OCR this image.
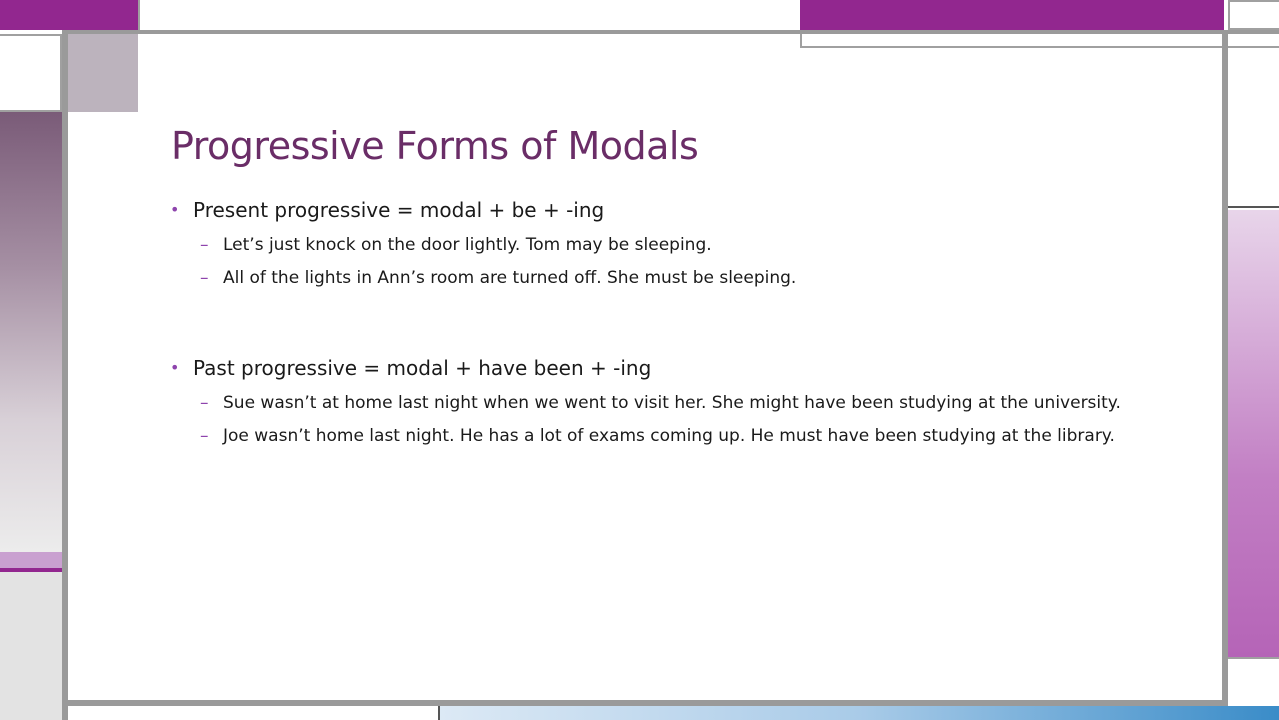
Progressive Forms of Modals
• Present progressive = modal + be + -ing
– Let’s just knock on the door lightly. Tom may be sleeping.
– All of the lights in Ann’s room are turned off. She must be sleeping.
• Past progressive = modal + have been + -ing
– Sue wasn’t at home last night when we went to visit her. She might have been studying at the university.
– Joe wasn’t home last night. He has a lot of exams coming up. He must have been studying at the library.
